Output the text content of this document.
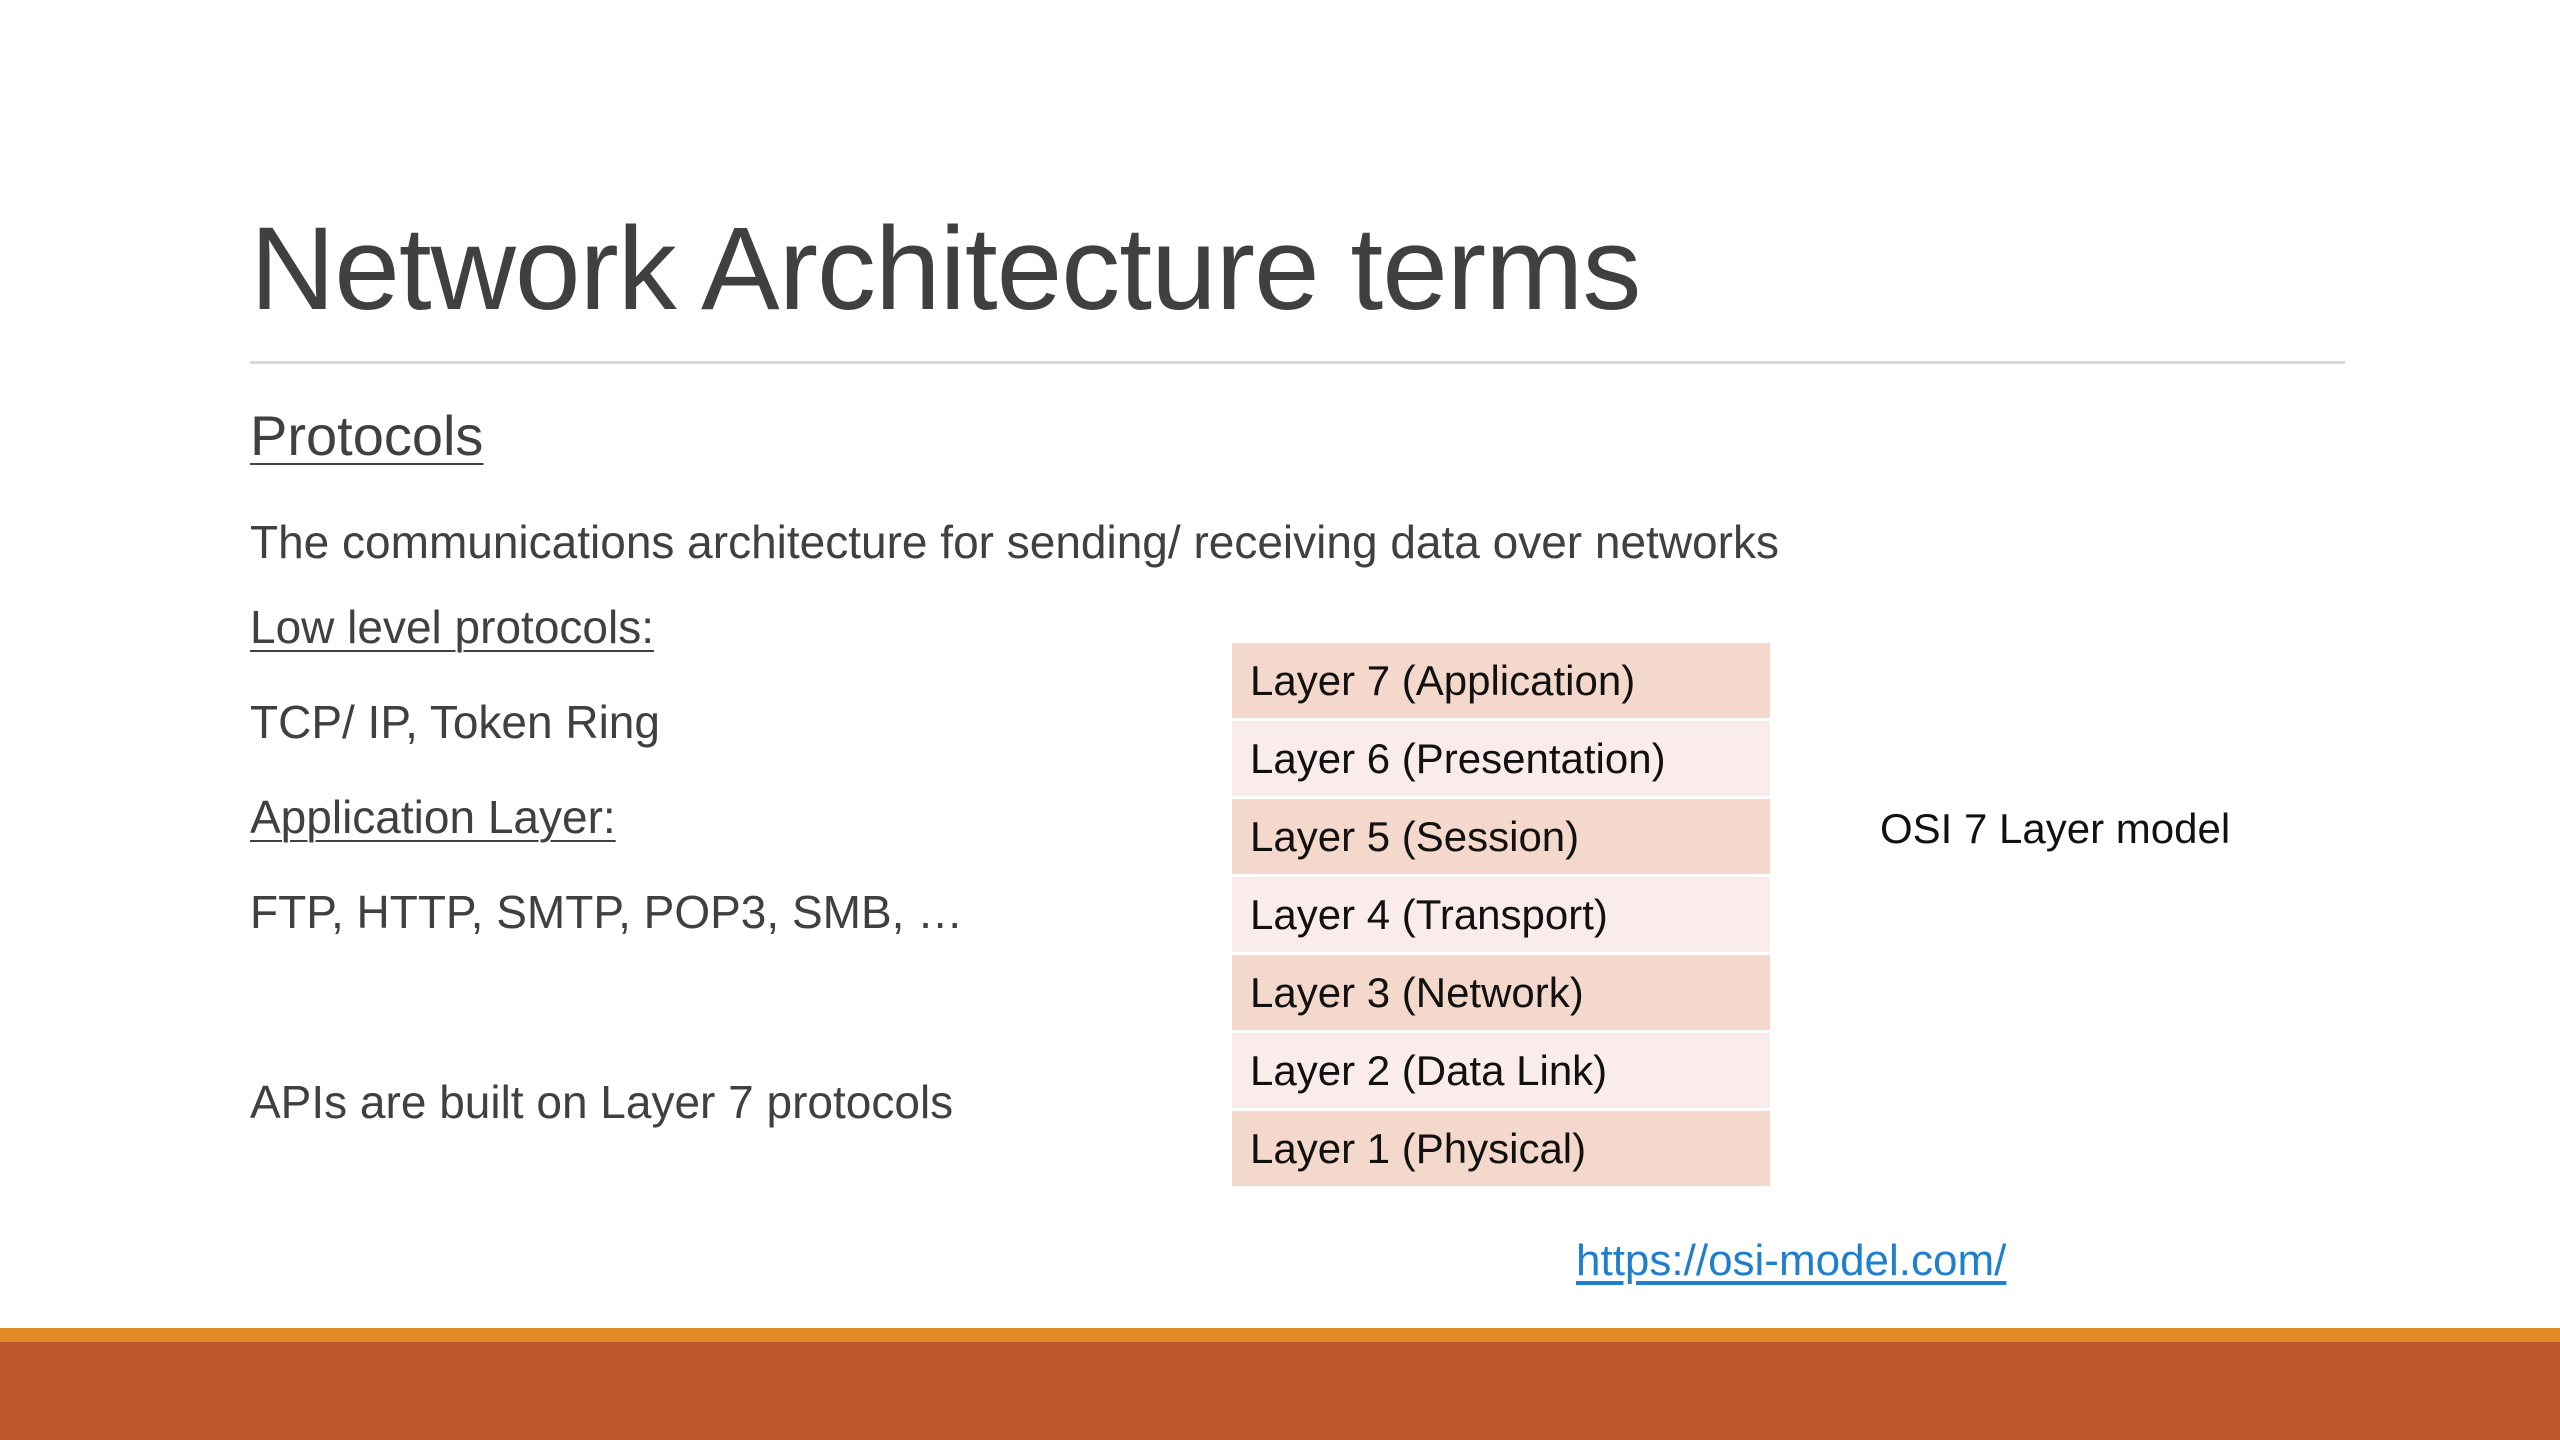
Network Architecture terms
Protocols
The communications architecture for sending/ receiving data over networks
Low level protocols:
TCP/ IP, Token Ring
Application Layer:
FTP, HTTP, SMTP, POP3, SMB, …
APIs are built on Layer 7 protocols
Layer 7 (Application)
Layer 6 (Presentation)
Layer 5 (Session)
Layer 4 (Transport)
Layer 3 (Network)
Layer 2 (Data Link)
Layer 1 (Physical)
OSI 7 Layer model
https://osi-model.com/
